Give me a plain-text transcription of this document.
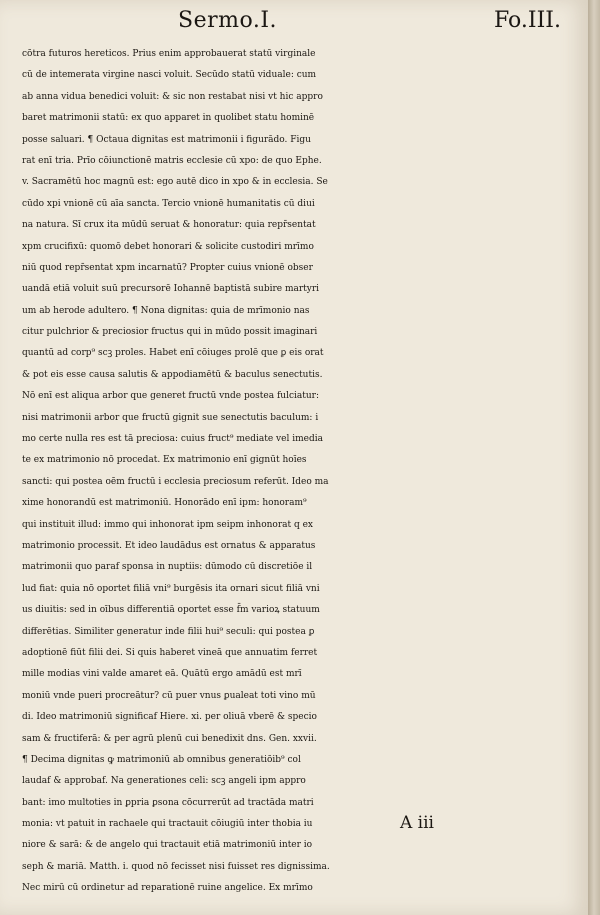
Sermo.I.	Fo.III.
cōtra futuros hereticos. Prius enim approbauerat statū virginale
cū de intemerata virgine nasci voluit. Secūdo statū viduale: cum
ab anna vidua benedici voluit: & sic non restabat nisi vt hic appro
baret matrimonii statū: ex quo apparet in quolibet statu hominē
posse saluari. ¶ Octaua dignitas est matrimonii i figurādo. Figu
rat enī tria. Prīo cōiunctionē matris ecclesie cū xpo: de quo Ephe.
v. Sacramētū hoc magnū est: ego autē dico in xpo & in ecclesia. Se
cūdo xpi vnionē cū aīa sancta. Tercio vnionē humanitatis cū diui
na natura. Sī crux ita mūdū seruat & honoratur: quia repr̄sentat
xpm crucifixū: quomō debet honorari & solicite custodiri mrīmo
niū quod repr̄sentat xpm incarnatū? Propter cuius vnionē obser
uandā etiā voluit suū precursorē Iohannē baptistā subire martyri
um ab herode adultero. ¶ Nona dignitas: quia de mrīmonio nas
citur pulchrior & preciosior fructus qui in mūdo possit imaginari
quantū ad corp⁹ scꝫ proles. Habet enī cōiuges prolē que ꝑ eis orat
& pot eis esse causa salutis & appodiamētū & baculus senectutis.
Nō enī est aliqua arbor que generet fructū vnde postea fulciatur:
nisi matrimonii arbor que fructū gignit sue senectutis baculum: i
mo certe nulla res est tā preciosa: cuius fruct⁹ mediate vel imedia
te ex matrimonio nō procedat. Ex matrimonio enī gignūt hoīes
sancti: qui postea oēm fructū i ecclesia preciosum referūt. Ideo ma
xime honorandū est matrimoniū. Honorādo enī ipm: honoram⁹
qui instituit illud: immo qui inhonorat ipm seipm inhonorat q ex
matrimonio processit. Et ideo laudādus est ornatus & apparatus
matrimonii quo paraf sponsa in nuptiis: dūmodo cū discretiōe il
lud fiat: quia nō oportet filiā vni⁹ burgēsis ita ornari sicut filiā vni
us diuitis: sed in oībus differentiā oportet esse f̄m varioꝝ statuum
differētias. Similiter generatur inde filii hui⁹ seculi: qui postea ꝑ
adoptionē fiūt filii dei. Si quis haberet vineā que annuatim ferret
mille modias vini valde amaret eā. Quātū ergo amādū est mrī
moniū vnde pueri procreātur? cū puer vnus ꝑualeat toti vino mū
di. Ideo matrimoniū significaf Hiere. xi. per oliuā vberē & specio
sam & fructiferā: & per agrū plenū cui benedixit dns. Gen. xxvii.
¶ Decima dignitas ꝙ matrimoniū ab omnibus generatiōib⁹ col
laudaf & approbaf. Na generationes celi: scꝫ angeli ipm appro
bant: imo multoties in ꝑpria ꝑsona cōcurrerūt ad tractāda matri
monia: vt patuit in rachaele qui tractauit cōiugiū inter thobia iu
niore & sarā: & de angelo qui tractauit etiā matrimoniū inter io
seph & mariā. Matth. i. quod nō fecisset nisi fuisset res dignissima.
Nec mirū cū ordinetur ad reparationē ruine angelice. Ex mrīmo
A iii
